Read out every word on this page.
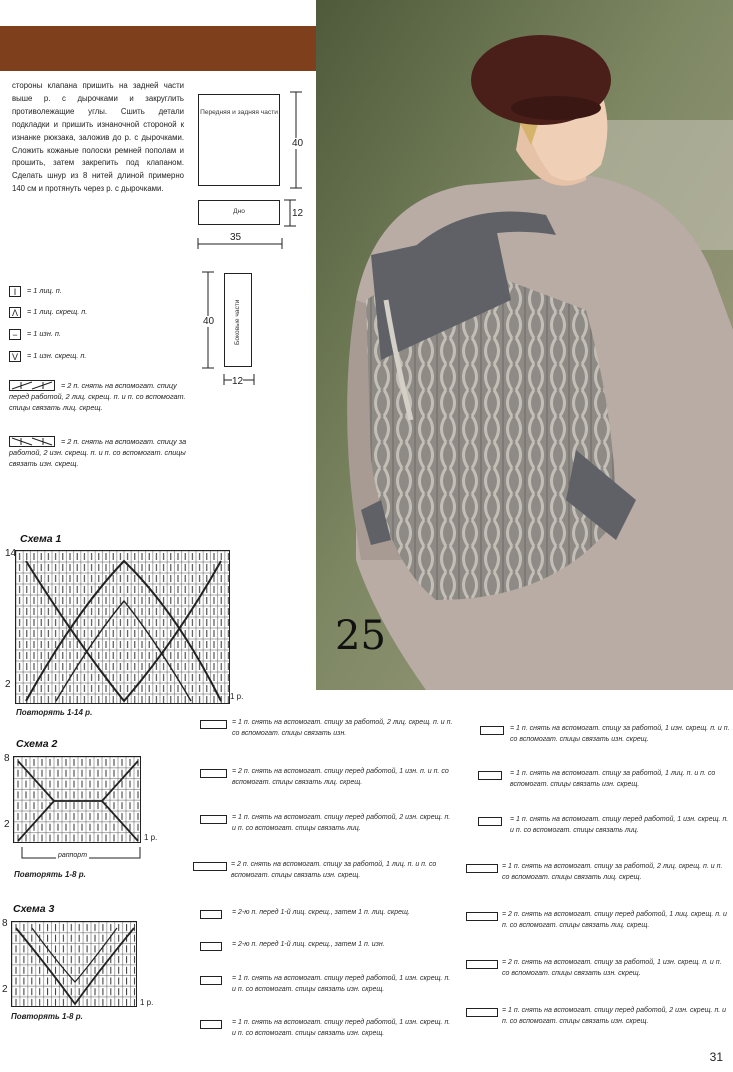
25
стороны клапана пришить на задней части выше р. с дырочками и закруглить противолежащие углы. Сшить детали подкладки и пришить изнаночной стороной к изнанке рюкзака, заложив до р. с дырочками. Сложить кожаные полоски ремней пополам и прошить, затем закрепить под клапаном. Сделать шнур из 8 нитей длиной примерно 140 см и протянуть через р. с дырочками.
Передняя и задняя части
40
Дно	12
35
Боковые части
40
12
I = 1 лиц. п.
Λ = 1 лиц. скрещ. п.
− = 1 изн. п.
V = 1 изн. скрещ. п.
= 2 п. снять на вспомогат. спицу перед работой, 2 лиц. скрещ. п. и п. со вспомогат. спицы связать лиц. скрещ.
= 2 п. снять на вспомогат. спицу за работой, 2 изн. скрещ. п. и п. со вспомогат. спицы связать изн. скрещ.
Схема 1
14
2
1 р.
Повторять 1-14 р.
Схема 2
8
2
1 р.
раппорт
Повторять 1-8 р.
Схема 3
8
2
1 р.
Повторять 1-8 р.
= 1 п. снять на вспомогат. спицу за работой, 2 лиц. скрещ. п. и п. со вспомогат. спицы связать изн.
= 2 п. снять на вспомогат. спицу перед работой, 1 изн. п. и п. со вспомогат. спицы связать лиц. скрещ.
= 1 п. снять на вспомогат. спицу перед работой, 2 изн. скрещ. п. и п. со вспомогат. спицы связать лиц.
= 2 п. снять на вспомогат. спицу за работой, 1 лиц. п. и п. со вспомогат. спицы связать изн. скрещ.
= 2-ю п. перед 1-й лиц. скрещ., затем 1 п. лиц. скрещ.
= 2-ю п. перед 1-й лиц. скрещ., затем 1 п. изн.
= 1 п. снять на вспомогат. спицу перед работой, 1 изн. скрещ. п. и п. со вспомогат. спицы связать изн. скрещ.
= 1 п. снять на вспомогат. спицу перед работой, 1 изн. скрещ. п. и п. со вспомогат. спицы связать изн. скрещ.
= 1 п. снять на вспомогат. спицу за работой, 1 изн. скрещ. п. и п. со вспомогат. спицы связать изн. скрещ.
= 1 п. снять на вспомогат. спицу за работой, 1 лиц. п. и п. со вспомогат. спицы связать изн. скрещ.
= 1 п. снять на вспомогат. спицу перед работой, 1 изн. скрещ. п. и п. со вспомогат. спицы связать лиц.
= 1 п. снять на вспомогат. спицу за работой, 2 лиц. скрещ. п. и п. со вспомогат. спицы связать лиц. скрещ.
= 2 п. снять на вспомогат. спицу перед работой, 1 лиц. скрещ. п. и п. со вспомогат. спицы связать лиц. скрещ.
= 2 п. снять на вспомогат. спицу за работой, 1 изн. скрещ. п. и п. со вспомогат. спицы связать изн. скрещ.
= 1 п. снять на вспомогат. спицу перед работой, 2 изн. скрещ. п. и п. со вспомогат. спицы связать изн. скрещ.
31
